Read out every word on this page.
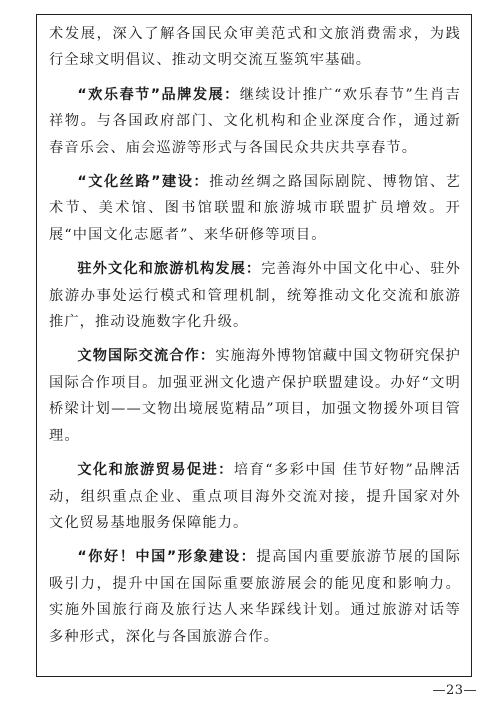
术发展，深入了解各国民众审美范式和文旅消费需求，为践行全球文明倡议、推动文明交流互鉴筑牢基础。

“欢乐春节”品牌发展：继续设计推广“欢乐春节”生肖吉祥物。与各国政府部门、文化机构和企业深度合作，通过新春音乐会、庙会巡游等形式与各国民众共庆共享春节。

“文化丝路”建设：推动丝绸之路国际剧院、博物馆、艺术节、美术馆、图书馆联盟和旅游城市联盟扩员增效。开展“中国文化志愿者”、来华研修等项目。

驻外文化和旅游机构发展：完善海外中国文化中心、驻外旅游办事处运行模式和管理机制，统筹推动文化交流和旅游推广，推动设施数字化升级。

文物国际交流合作：实施海外博物馆藏中国文物研究保护国际合作项目。加强亚洲文化遗产保护联盟建设。办好“文明桥梁计划——文物出境展览精品”项目，加强文物援外项目管理。

文化和旅游贸易促进：培育“多彩中国 佳节好物”品牌活动，组织重点企业、重点项目海外交流对接，提升国家对外文化贸易基地服务保障能力。

“你好！中国”形象建设：提高国内重要旅游节展的国际吸引力，提升中国在国际重要旅游展会的能见度和影响力。实施外国旅行商及旅行达人来华踩线计划。通过旅游对话等多种形式，深化与各国旅游合作。

—23—
